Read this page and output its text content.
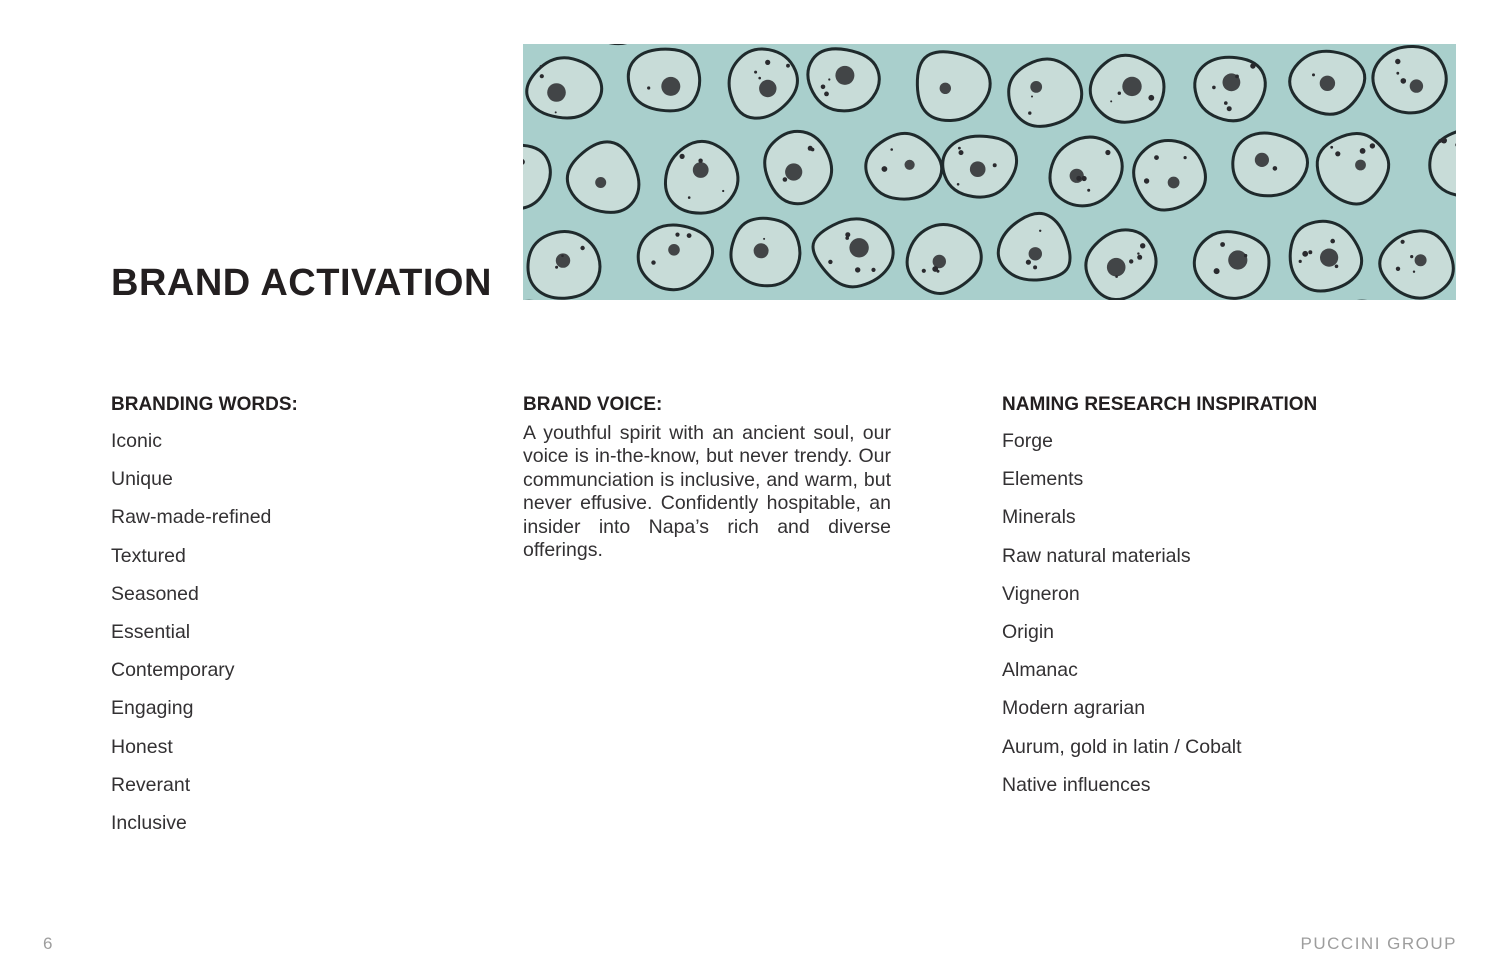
BRAND ACTIVATION
BRANDING WORDS:
Iconic
Unique
Raw-made-refined
Textured
Seasoned
Essential
Contemporary
Engaging
Honest
Reverant
Inclusive
BRAND VOICE:

A youthful spirit with an ancient soul, our voice is in-the-know, but never trendy. Our communciation is inclusive, and warm, but never effusive. Confidently hospitable, an insider into Napa’s rich and diverse offerings.

NAMING RESEARCH INSPIRATION
Forge
Elements
Minerals
Raw natural materials
Vigneron
Origin
Almanac
Modern agrarian
Aurum, gold in latin / Cobalt
Native influences
6	PUCCINI GROUP
